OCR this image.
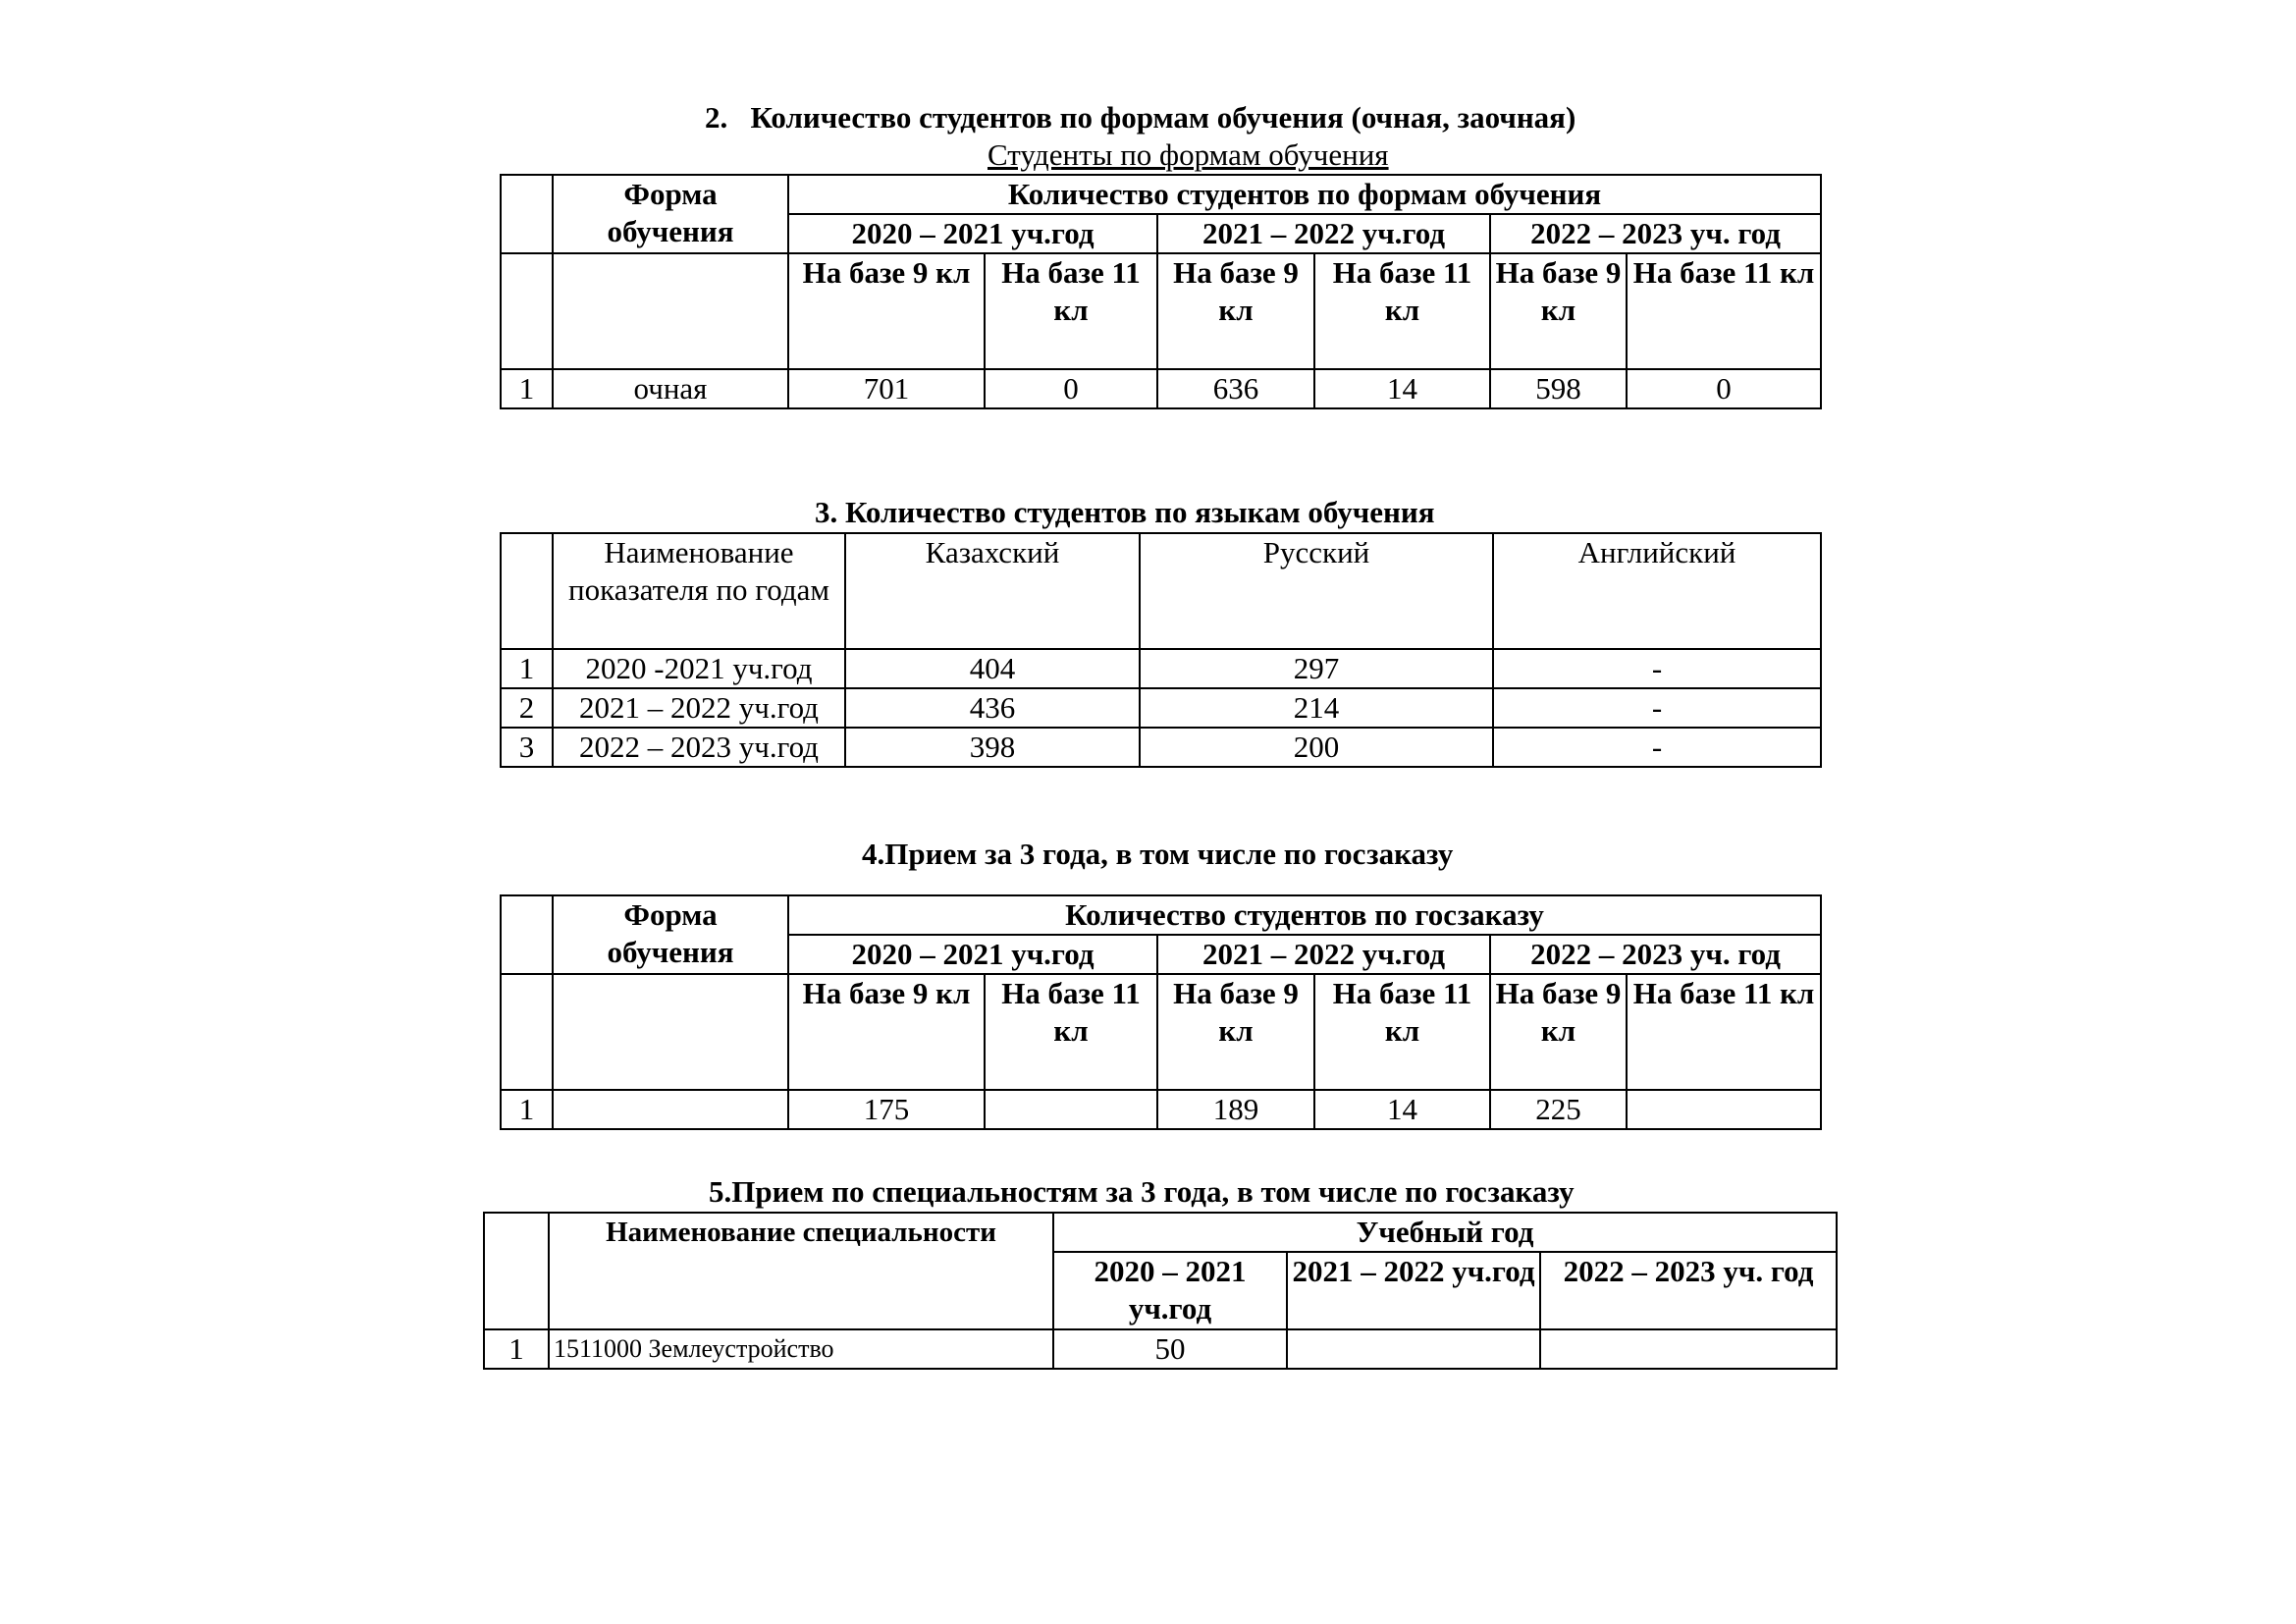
2. Количество студентов по формам обучения (очная, заочная)
Студенты по формам обучения
	Форма обучения	Количество студентов по формам обучения					
		2020 – 2021 уч.год		2021 – 2022 уч.год		2022 – 2023 уч. год	
		На базе 9 кл	На базе 11 кл	На базе 9 кл	На базе 11 кл	На базе 9 кл	На базе 11 кл
1	очная	701	0	636	14	598	0
3. Количество студентов по языкам обучения
	Наименование показателя по годам	Казахский	Русский	Английский
1	2020 -2021 уч.год	404	297	-
2	2021 – 2022 уч.год	436	214	-
3	2022 – 2023 уч.год	398	200	-
4.Прием за 3 года, в том числе по госзаказу
	Форма обучения	Количество студентов по госзаказу					
		2020 – 2021 уч.год		2021 – 2022 уч.год		2022 – 2023 уч. год	
		На базе 9 кл	На базе 11 кл	На базе 9 кл	На базе 11 кл	На базе 9 кл	На базе 11 кл
1		175		189	14	225	
5.Прием по специальностям за 3 года, в том числе по госзаказу
	Наименование специальности	Учебный год		
		2020 – 2021 уч.год	2021 – 2022 уч.год	2022 – 2023 уч. год
1	1511000 Землеустройство	50		
